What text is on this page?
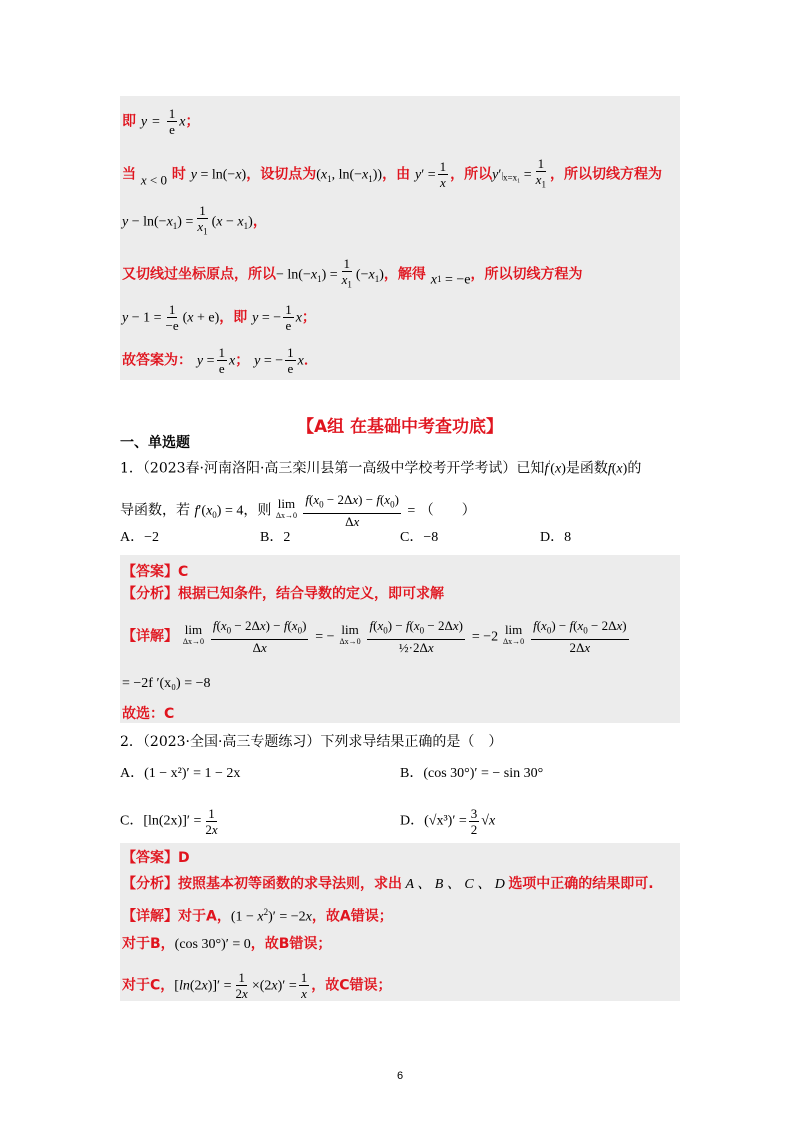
即 $y = \frac{1}{e}$ x；
当 x < 0 时 y = ln(−x)，设切点为($x_1$, $\ln(-x_1)$)，由 $y' = \frac{1}{x}$ ，所以$y'|_{x=x_1} = \frac{1}{x_1}$ ，所以切线方程为
$y - \ln(-x_1) = \frac{1}{x_1} (x - x_1)$，
又切线过坐标原点，所以− $\ln(-x_1) = \frac{1}{x_1} (-x_1)$，解得 $x_1 = -e$，所以切线方程为
$y - 1 = \frac{1}{-e} (x + e)$，即 y = − $\frac{1}{e}$ x；
故答案为： $y = \frac{1}{e}$ x； y = − $\frac{1}{e}$ x．
【A组 在基础中考查功底】
一、单选题
1．（2023春·河南洛阳·高三栾川县第一高级中学校考开学考试）已知f′(x)是函数f(x)的
导函数，若 $f'(x_0) = 4$，则 lim
Δx→0
$\frac{f(x_0 - 2\Delta x) - f(x_0)}{\Delta x}$ = （　　）
A．−2	B．2	C．−8	D．8
【答案】C
【分析】根据已知条件，结合导数的定义，即可求解
【详解】 lim
Δx→0
$\frac{f(x_0 - 2\Delta x) - f(x_0)}{\Delta x}$ = − lim
Δx→0
$\frac{f(x_0) - f(x_0 - 2\Delta x)}{\text{½·2Δx}} = -2$ lim
Δx→0
$\frac{f(x_0) - f(x_0 - 2\Delta x)}{2\Delta x}$
= −2f ′(x₀) = −8
故选：C
2．（2023·全国·高三专题练习）下列求导结果正确的是（　）
A．(1 − x²)′ = 1 − 2x	B．(cos 30°)′ = − sin 30°
C．$[\ln(2x)]' = \frac{1}{2x}$	D．$(√x^3)' = \frac{3}{2} √x$
【答案】D
【分析】按照基本初等函数的求导法则，求出 A 、 B 、 C 、 D 选项中正确的结果即可.
【详解】对于A，$(1 - x^2)' = -2x$，故A错误；
对于B，(cos 30°)′ = 0，故B错误；
对于C，$[\ln(2x)]' = \frac{1}{2x} \times(2x)' = \frac{1}{x}$ ，故C错误；
6
